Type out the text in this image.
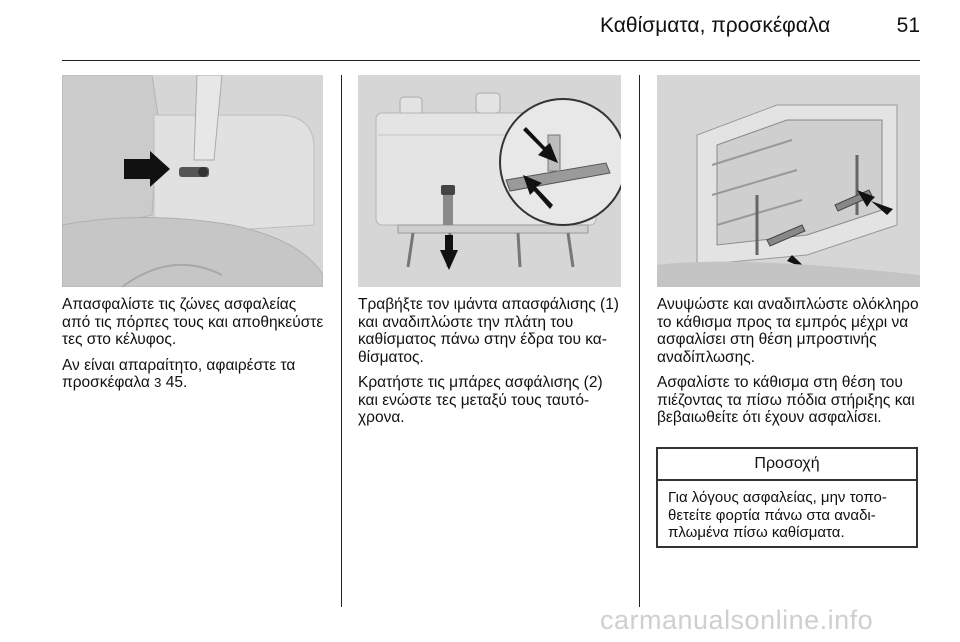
Καθίσματα, προσκέφαλα	51

Απασφαλίστε τις ζώνες ασφαλείας από τις πόρπες τους και αποθηκεύστε τες στο κέλυφος.

Αν είναι απαραίτητο, αφαιρέστε τα προσκέφαλα 3 45.

Τραβήξτε τον ιμάντα απασφάλισης (1) και αναδιπλώστε την πλάτη του καθίσματος πάνω στην έδρα του καθίσματος.

Κρατήστε τις μπάρες ασφάλισης (2) και ενώστε τες μεταξύ τους ταυτόχρονα.

Ανυψώστε και αναδιπλώστε ολόκληρο το κάθισμα προς τα εμπρός μέχρι να ασφαλίσει στη θέση μπροστινής αναδίπλωσης.

Ασφαλίστε το κάθισμα στη θέση του πιέζοντας τα πίσω πόδια στήριξης και βεβαιωθείτε ότι έχουν ασφαλίσει.

Προσοχή
Για λόγους ασφαλείας, μην τοποθετείτε φορτία πάνω στα αναδιπλωμένα πίσω καθίσματα.
carmanualsonline.info
